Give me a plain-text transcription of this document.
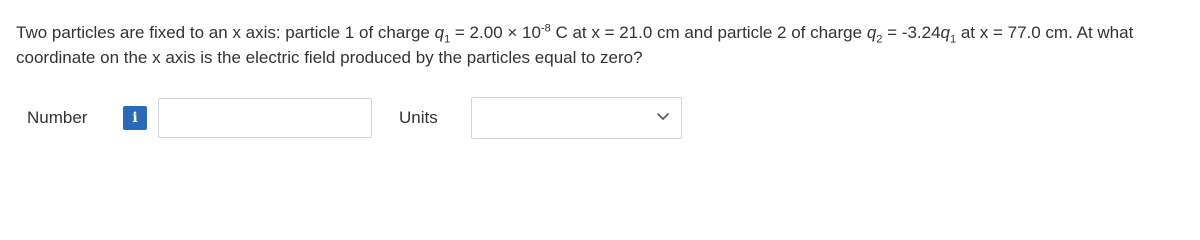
Two particles are fixed to an x axis: particle 1 of charge $q_1 = 2.00 \times 10^{-8}$ C at x = 21.0 cm and particle 2 of charge $q_2 = -3.24q_1$ at x = 77.0 cm. At what coordinate on the x axis is the electric field produced by the particles equal to zero?
Number	i	Units
